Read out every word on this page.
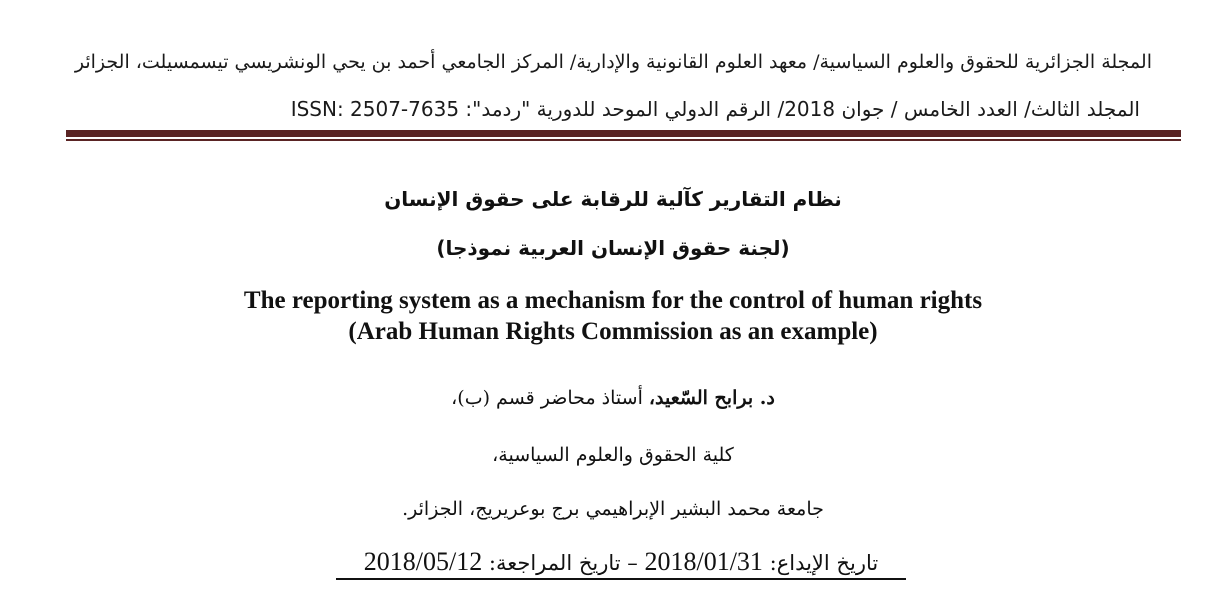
المجلة الجزائرية للحقوق والعلوم السياسية/ معهد العلوم القانونية والإدارية/ المركز الجامعي أحمد بن يحي الونشريسي تيسمسيلت، الجزائر
المجلد الثالث/ العدد الخامس / جوان 2018/ الرقم الدولي الموحد للدورية "ردمد": ISSN: 2507-7635
نظام التقارير كآلية للرقابة على حقوق الإنسان
(لجنة حقوق الإنسان العربية نموذجا)
The reporting system as a mechanism for the control of human rights
(Arab Human Rights Commission as an example)
د. برابح السّعيد، أستاذ محاضر قسم (ب)،
كلية الحقوق والعلوم السياسية،
جامعة محمد البشير الإبراهيمي برج بوعريريج، الجزائر.
تاريخ الإيداع: 2018/01/31 – تاريخ المراجعة: 2018/05/12
